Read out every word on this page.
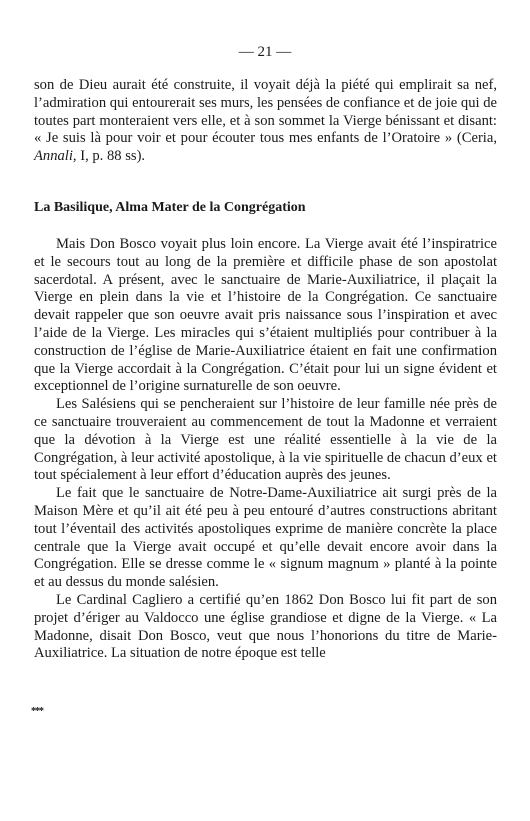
— 21 —

son de Dieu aurait été construite, il voyait déjà la piété qui emplirait sa nef, l’admiration qui entourerait ses murs, les pensées de confiance et de joie qui de toutes part monteraient vers elle, et à son sommet la Vierge bénissant et disant: « Je suis là pour voir et pour écouter tous mes enfants de l’Oratoire » (Ceria, Annali, I, p. 88 ss).

La Basilique, Alma Mater de la Congrégation

Mais Don Bosco voyait plus loin encore. La Vierge avait été l’inspiratrice et le secours tout au long de la première et difficile phase de son apostolat sacerdotal. A présent, avec le sanctuaire de Marie-Auxiliatrice, il plaçait la Vierge en plein dans la vie et l’histoire de la Congrégation. Ce sanctuaire devait rappeler que son oeuvre avait pris naissance sous l’inspiration et avec l’aide de la Vierge. Les miracles qui s’étaient multipliés pour contribuer à la construction de l’église de Marie-Auxiliatrice étaient en fait une confirmation que la Vierge accordait à la Congrégation. C’était pour lui un signe évident et exceptionnel de l’origine surnaturelle de son oeuvre.

Les Salésiens qui se pencheraient sur l’histoire de leur famille née près de ce sanctuaire trouveraient au commencement de tout la Madonne et verraient que la dévotion à la Vierge est une réalité essentielle à la vie de la Congrégation, à leur activité apostolique, à la vie spirituelle de chacun d’eux et tout spécialement à leur effort d’éducation auprès des jeunes.

Le fait que le sanctuaire de Notre-Dame-Auxiliatrice ait surgi près de la Maison Mère et qu’il ait été peu à peu entouré d’autres constructions abritant tout l’éventail des activités apostoliques exprime de manière concrète la place centrale que la Vierge avait occupé et qu’elle devait encore avoir dans la Congrégation. Elle se dresse comme le « signum magnum » planté à la pointe et au dessus du monde salésien.

Le Cardinal Cagliero a certifié qu’en 1862 Don Bosco lui fit part de son projet d’ériger au Valdocco une église grandiose et digne de la Vierge. « La Madonne, disait Don Bosco, veut que nous l’honorions du titre de Marie-Auxiliatrice. La situation de notre époque est telle

***
